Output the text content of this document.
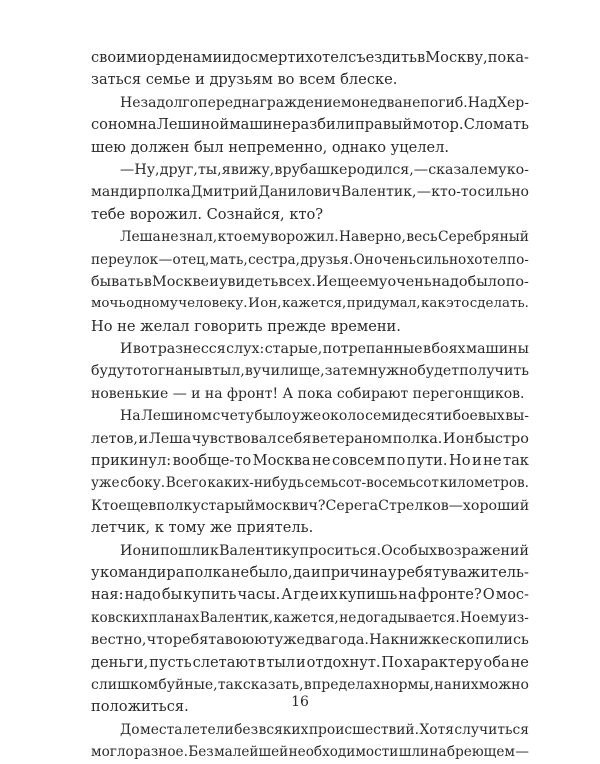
своими орденами и до смерти хотел съездить в Москву, пока-
заться семье и друзьям во всем блеске.
Незадолго перед награждением он едва не погиб. Над Хер-
соном на Лешиной машине разбили правый мотор. Сломать
шею должен был непременно, однако уцелел.
— Ну, друг, ты, я вижу, в рубашке родился, — сказал ему ко-
мандир полка Дмитрий Данилович Валентик, — кто-то сильно
тебе ворожил. Сознайся, кто?
Леша не знал, кто ему ворожил. Наверно, весь Серебряный
переулок — отец, мать, сестра, друзья. Он очень сильно хотел по-
бывать в Москве и увидеть всех. И еще ему очень надо было по-
мочь одному человеку. И он, кажется, придумал, как это сделать.
Но не желал говорить прежде времени.
И вот разнесся слух: старые, потрепанные в боях машины
будут отогнаны в тыл, в училище, затем нужно будет получить
новенькие — и на фронт! А пока собирают перегонщиков.
На Лешином счету было уже около семидесяти боевых вы-
летов, и Леша чувствовал себя ветераном полка. И он быстро
прикинул: вообще-то Москва не совсем по пути. Но и не так
уже сбоку. Всего каких-нибудь семьсот-восемьсот километров.
Кто еще в полку старый москвич? Серега Стрелков — хороший
летчик, к тому же приятель.
И они пошли к Валентику проситься. Особых возражений
у командира полка не было, да и причина у ребят уважитель-
ная: надо бы купить часы. А где их купишь на фронте? О мос-
ковских планах Валентик, кажется, не догадывается. Но ему из-
вестно, что ребята воюют уже два года. На книжке скопились
деньги, пусть слетают в тыл и отдохнут. По характеру оба не
слишком буйные, так сказать, в пределах нормы, на них можно
положиться.
До места летели без всяких происшествий. Хотя случиться
могло разное. Без малейшей необходимости шли на бреющем —
16
